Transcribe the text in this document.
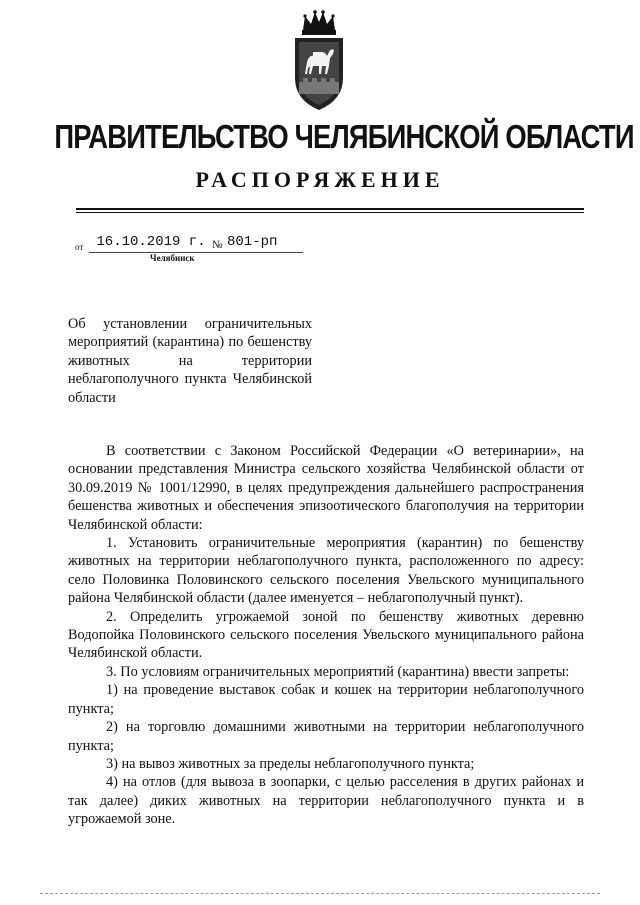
ПРАВИТЕЛЬСТВО ЧЕЛЯБИНСКОЙ ОБЛАСТИ
РАСПОРЯЖЕНИЕ
от 16.10.2019 г. № 801-рп
Челябинск
Об установлении ограничительных мероприятий (карантина) по бешенству животных на территории неблагополучного пункта Челябинской области

В соответствии с Законом Российской Федерации «О ветеринарии», на основании представления Министра сельского хозяйства Челябинской области от 30.09.2019 № 1001/12990, в целях предупреждения дальнейшего распространения бешенства животных и обеспечения эпизоотического благополучия на территории Челябинской области:

1. Установить ограничительные мероприятия (карантин) по бешенству животных на территории неблагополучного пункта, расположенного по адресу: село Половинка Половинского сельского поселения Увельского муниципального района Челябинской области (далее именуется – неблагополучный пункт).

2. Определить угрожаемой зоной по бешенству животных деревню Водопойка Половинского сельского поселения Увельского муниципального района Челябинской области.

3. По условиям ограничительных мероприятий (карантина) ввести запреты:

1) на проведение выставок собак и кошек на территории неблагополучного пункта;

2) на торговлю домашними животными на территории неблагополучного пункта;

3) на вывоз животных за пределы неблагополучного пункта;

4) на отлов (для вывоза в зоопарки, с целью расселения в других районах и так далее) диких животных на территории неблагополучного пункта и в угрожаемой зоне.
